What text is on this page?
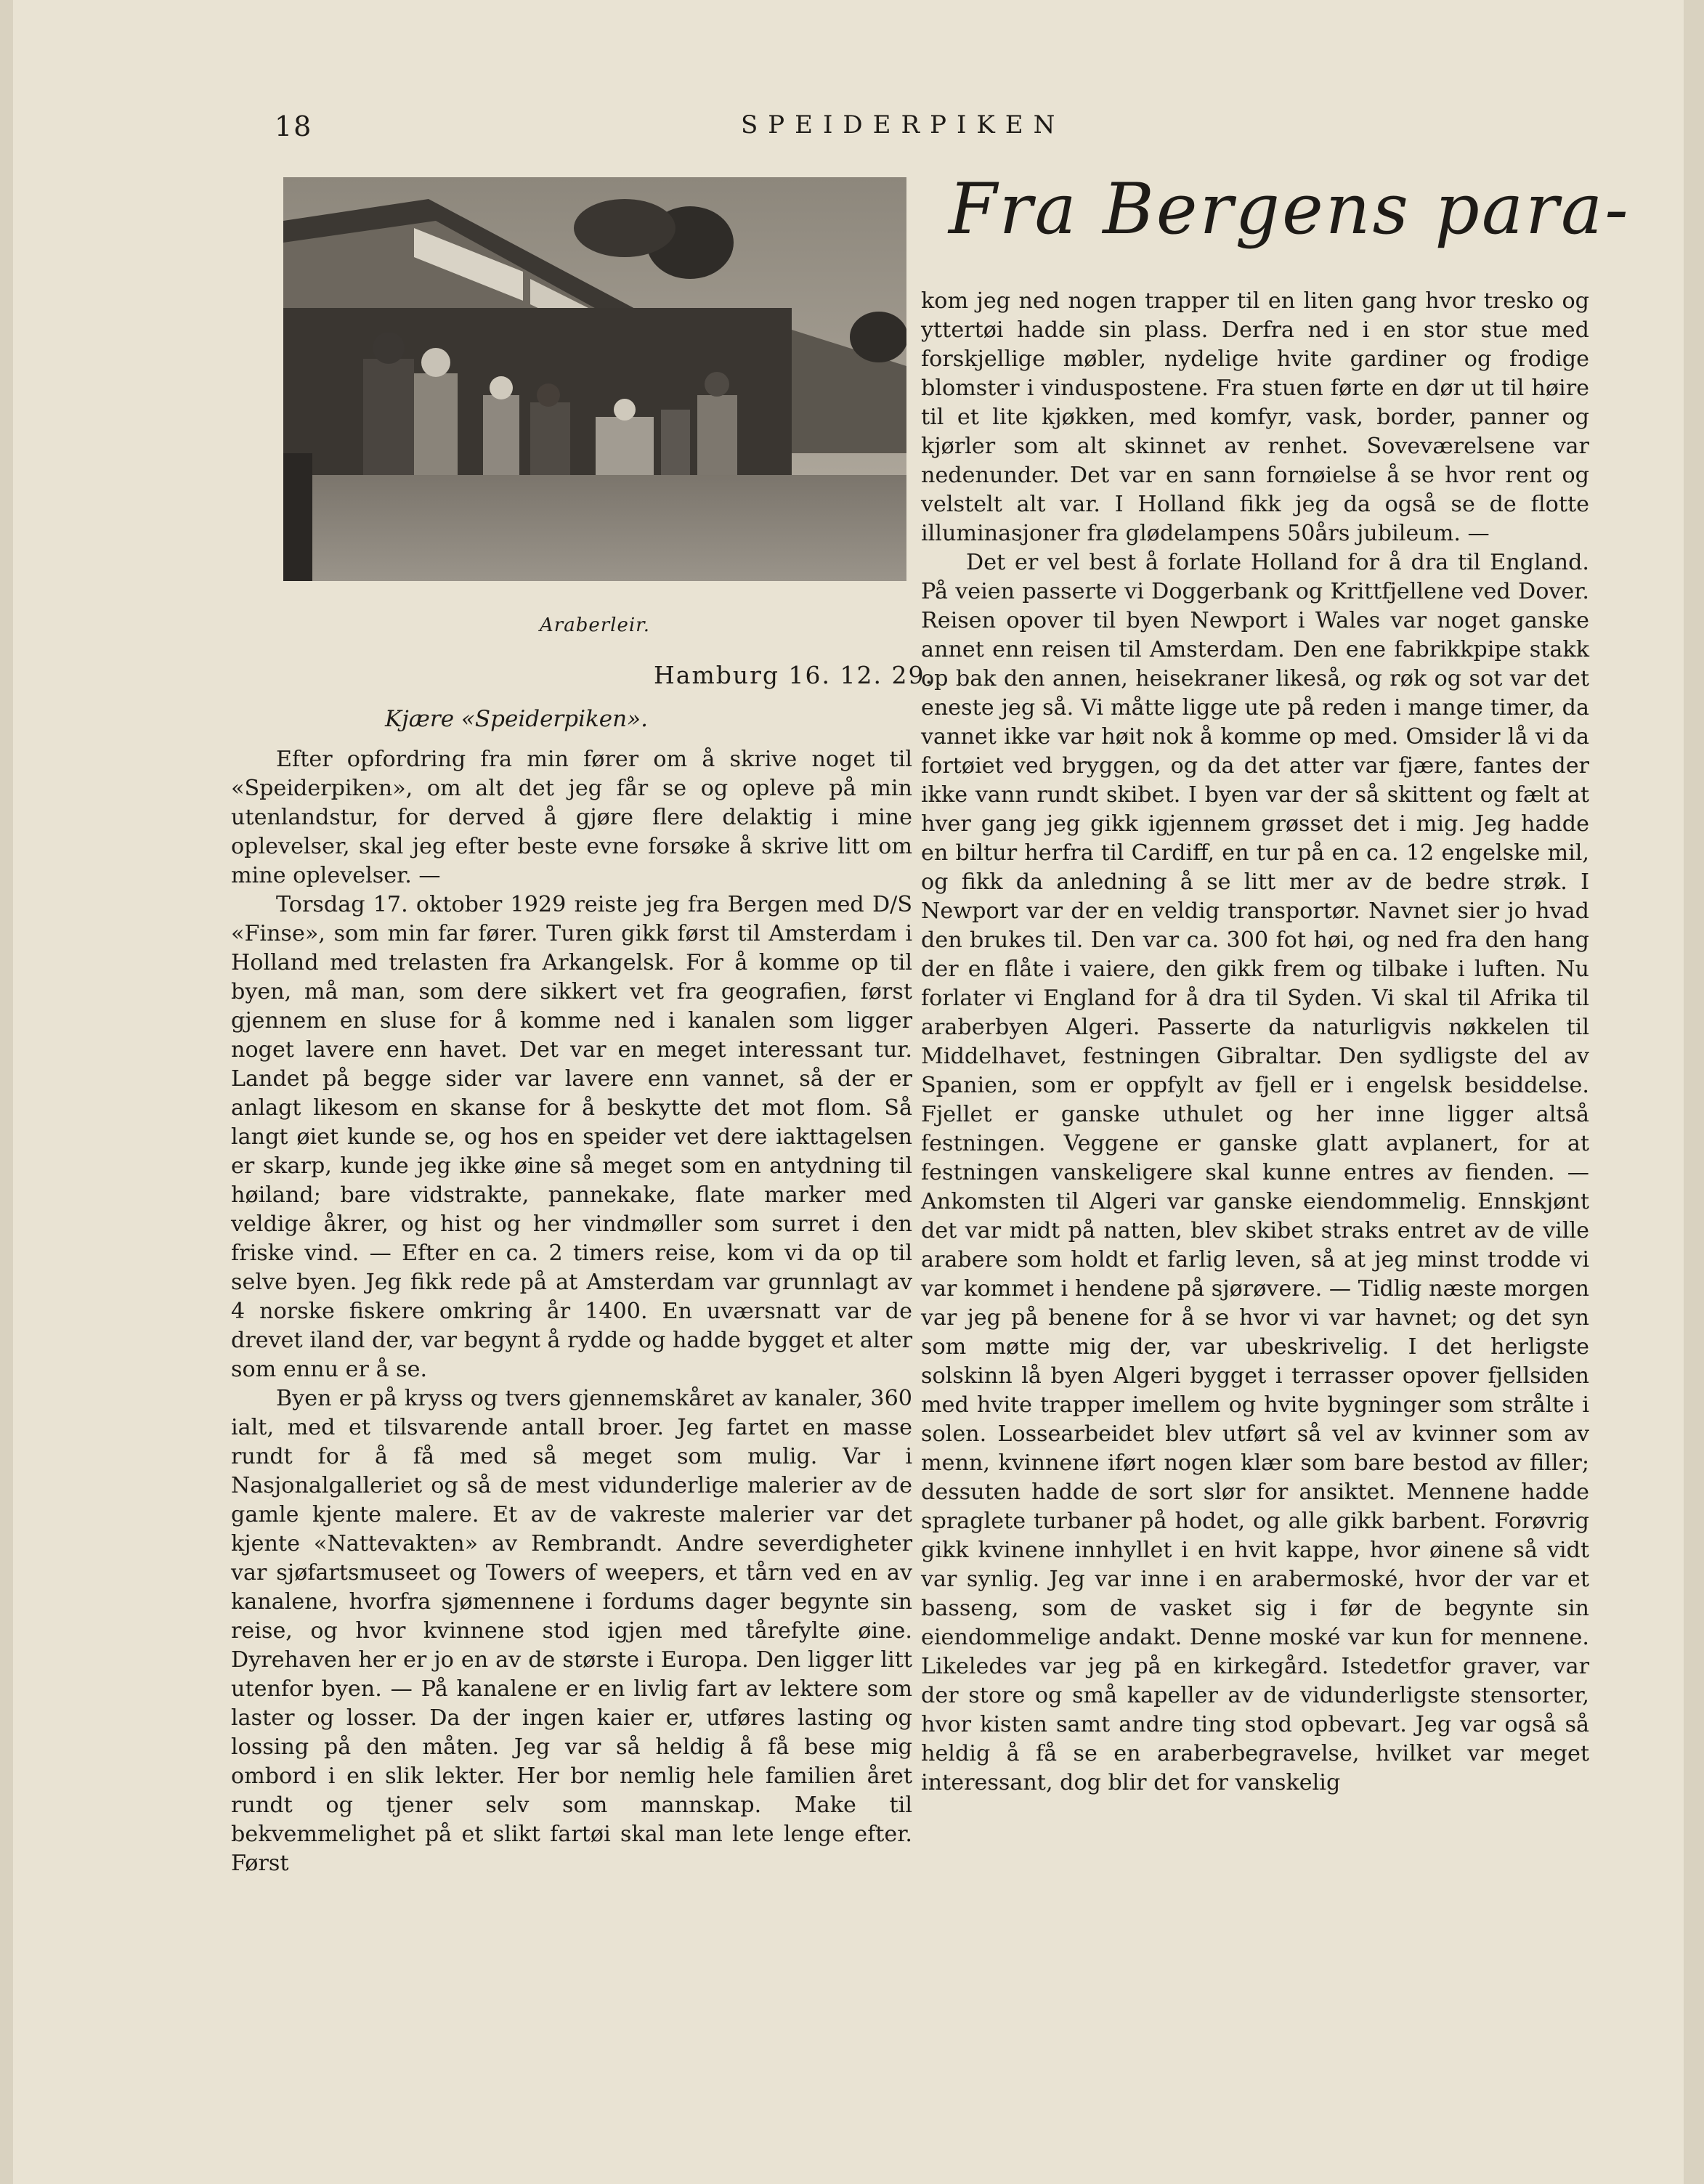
18	SPEIDERPIKEN
Araberleir.
Hamburg 16. 12. 29.
Kjære «Speiderpiken».

Efter opfordring fra min fører om å skrive noget til «Speiderpiken», om alt det jeg får se og opleve på min utenlandstur, for derved å gjøre flere delaktig i mine oplevelser, skal jeg efter beste evne forsøke å skrive litt om mine oplevelser. —

Torsdag 17. oktober 1929 reiste jeg fra Bergen med D/S «Finse», som min far fører. Turen gikk først til Amsterdam i Holland med trelasten fra Arkangelsk. For å komme op til byen, må man, som dere sikkert vet fra geografien, først gjennem en sluse for å komme ned i kanalen som ligger noget lavere enn havet. Det var en meget interessant tur. Landet på begge sider var lavere enn vannet, så der er anlagt likesom en skanse for å beskytte det mot flom. Så langt øiet kunde se, og hos en speider vet dere iakttagelsen er skarp, kunde jeg ikke øine så meget som en antydning til høiland; bare vidstrakte, pannekake, flate marker med veldige åkrer, og hist og her vindmøller som surret i den friske vind. — Efter en ca. 2 timers reise, kom vi da op til selve byen. Jeg fikk rede på at Amsterdam var grunnlagt av 4 norske fiskere omkring år 1400. En uværsnatt var de drevet iland der, var begynt å rydde og hadde bygget et alter som ennu er å se.

Byen er på kryss og tvers gjennemskåret av kanaler, 360 ialt, med et tilsvarende antall broer. Jeg fartet en masse rundt for å få med så meget som mulig. Var i Nasjonalgalleriet og så de mest vidunderlige malerier av de gamle kjente malere. Et av de vakreste malerier var det kjente «Nattevakten» av Rembrandt. Andre severdigheter var sjøfartsmuseet og Towers of weepers, et tårn ved en av kanalene, hvorfra sjømennene i fordums dager begynte sin reise, og hvor kvinnene stod igjen med tårefylte øine. Dyrehaven her er jo en av de største i Europa. Den ligger litt utenfor byen. — På kanalene er en livlig fart av lektere som laster og losser. Da der ingen kaier er, utføres lasting og lossing på den måten. Jeg var så heldig å få bese mig ombord i en slik lekter. Her bor nemlig hele familien året rundt og tjener selv som mannskap. Make til bekvemmelighet på et slikt fartøi skal man lete lenge efter. Først

Fra Bergens para-

kom jeg ned nogen trapper til en liten gang hvor tresko og yttertøi hadde sin plass. Derfra ned i en stor stue med forskjellige møbler, nydelige hvite gardiner og frodige blomster i vinduspostene. Fra stuen førte en dør ut til høire til et lite kjøkken, med komfyr, vask, border, panner og kjørler som alt skinnet av renhet. Soveværelsene var nedenunder. Det var en sann fornøielse å se hvor rent og velstelt alt var. I Holland fikk jeg da også se de flotte illuminasjoner fra glødelampens 50års jubileum. —

Det er vel best å forlate Holland for å dra til England. På veien passerte vi Doggerbank og Krittfjellene ved Dover. Reisen opover til byen Newport i Wales var noget ganske annet enn reisen til Amsterdam. Den ene fabrikkpipe stakk op bak den annen, heisekraner likeså, og røk og sot var det eneste jeg så. Vi måtte ligge ute på reden i mange timer, da vannet ikke var høit nok å komme op med. Omsider lå vi da fortøiet ved bryggen, og da det atter var fjære, fantes der ikke vann rundt skibet. I byen var der så skittent og fælt at hver gang jeg gikk igjennem grøsset det i mig. Jeg hadde en biltur herfra til Cardiff, en tur på en ca. 12 engelske mil, og fikk da anledning å se litt mer av de bedre strøk. I Newport var der en veldig transportør. Navnet sier jo hvad den brukes til. Den var ca. 300 fot høi, og ned fra den hang der en flåte i vaiere, den gikk frem og tilbake i luften. Nu forlater vi England for å dra til Syden. Vi skal til Afrika til araberbyen Algeri. Passerte da naturligvis nøkkelen til Middelhavet, festningen Gibraltar. Den sydligste del av Spanien, som er oppfylt av fjell er i engelsk besiddelse. Fjellet er ganske uthulet og her inne ligger altså festningen. Veggene er ganske glatt avplanert, for at festningen vanskeligere skal kunne entres av fienden. — Ankomsten til Algeri var ganske eiendommelig. Ennskjønt det var midt på natten, blev skibet straks entret av de ville arabere som holdt et farlig leven, så at jeg minst trodde vi var kommet i hendene på sjørøvere. — Tidlig næste morgen var jeg på benene for å se hvor vi var havnet; og det syn som møtte mig der, var ubeskrivelig. I det herligste solskinn lå byen Algeri bygget i terrasser opover fjellsiden med hvite trapper imellem og hvite bygninger som strålte i solen. Lossearbeidet blev utført så vel av kvinner som av menn, kvinnene iført nogen klær som bare bestod av filler; dessuten hadde de sort slør for ansiktet. Mennene hadde spraglete turbaner på hodet, og alle gikk barbent. Forøvrig gikk kvinene innhyllet i en hvit kappe, hvor øinene så vidt var synlig. Jeg var inne i en arabermoské, hvor der var et basseng, som de vasket sig i før de begynte sin eiendommelige andakt. Denne moské var kun for mennene. Likeledes var jeg på en kirkegård. Istedetfor graver, var der store og små kapeller av de vidunderligste stensorter, hvor kisten samt andre ting stod opbevart. Jeg var også så heldig å få se en araberbegravelse, hvilket var meget interessant, dog blir det for vanskelig
